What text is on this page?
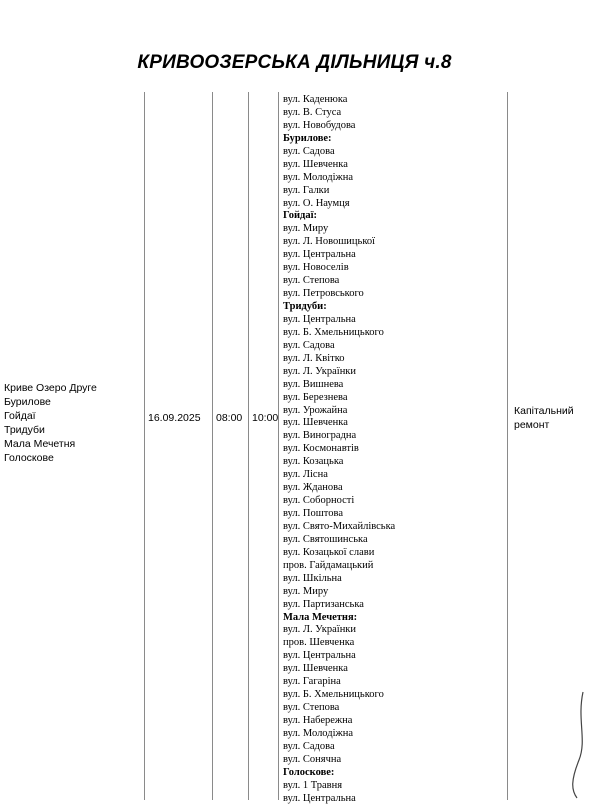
КРИВООЗЕРСЬКА ДІЛЬНИЦЯ ч.8
Криве Озеро Друге
Бурилове
Гойдаї
Тридуби
Мала Мечетня
Голоскове
16.09.2025 08:00 10:00
вул. Каденюка
вул. В. Стуса
вул. Новобудова
Бурилове:
вул. Садова
вул. Шевченка
вул. Молодіжна
вул. Галки
вул. О. Наумця
Гойдаї:
вул. Миру
вул. Л. Новошицької
вул. Центральна
вул. Новоселів
вул. Степова
вул. Петровського
Тридуби:
вул. Центральна
вул. Б. Хмельницького
вул. Садова
вул. Л. Квітко
вул. Л. Українки
вул. Вишнева
вул. Березнева
вул. Урожайна
вул. Шевченка
вул. Виноградна
вул. Космонавтів
вул. Козацька
вул. Лісна
вул. Жданова
вул. Соборності
вул. Поштова
вул. Свято-Михайлівська
вул. Святошинська
вул. Козацької слави
пров. Гайдамацький
вул. Шкільна
вул. Миру
вул. Партизанська
Мала Мечетня:
вул. Л. Українки
пров. Шевченка
вул. Центральна
вул. Шевченка
вул. Гагаріна
вул. Б. Хмельницького
вул. Степова
вул. Набережна
вул. Молодіжна
вул. Садова
вул. Сонячна
Голоскове:
вул. 1 Травня
вул. Центральна
Капітальний
ремонт
